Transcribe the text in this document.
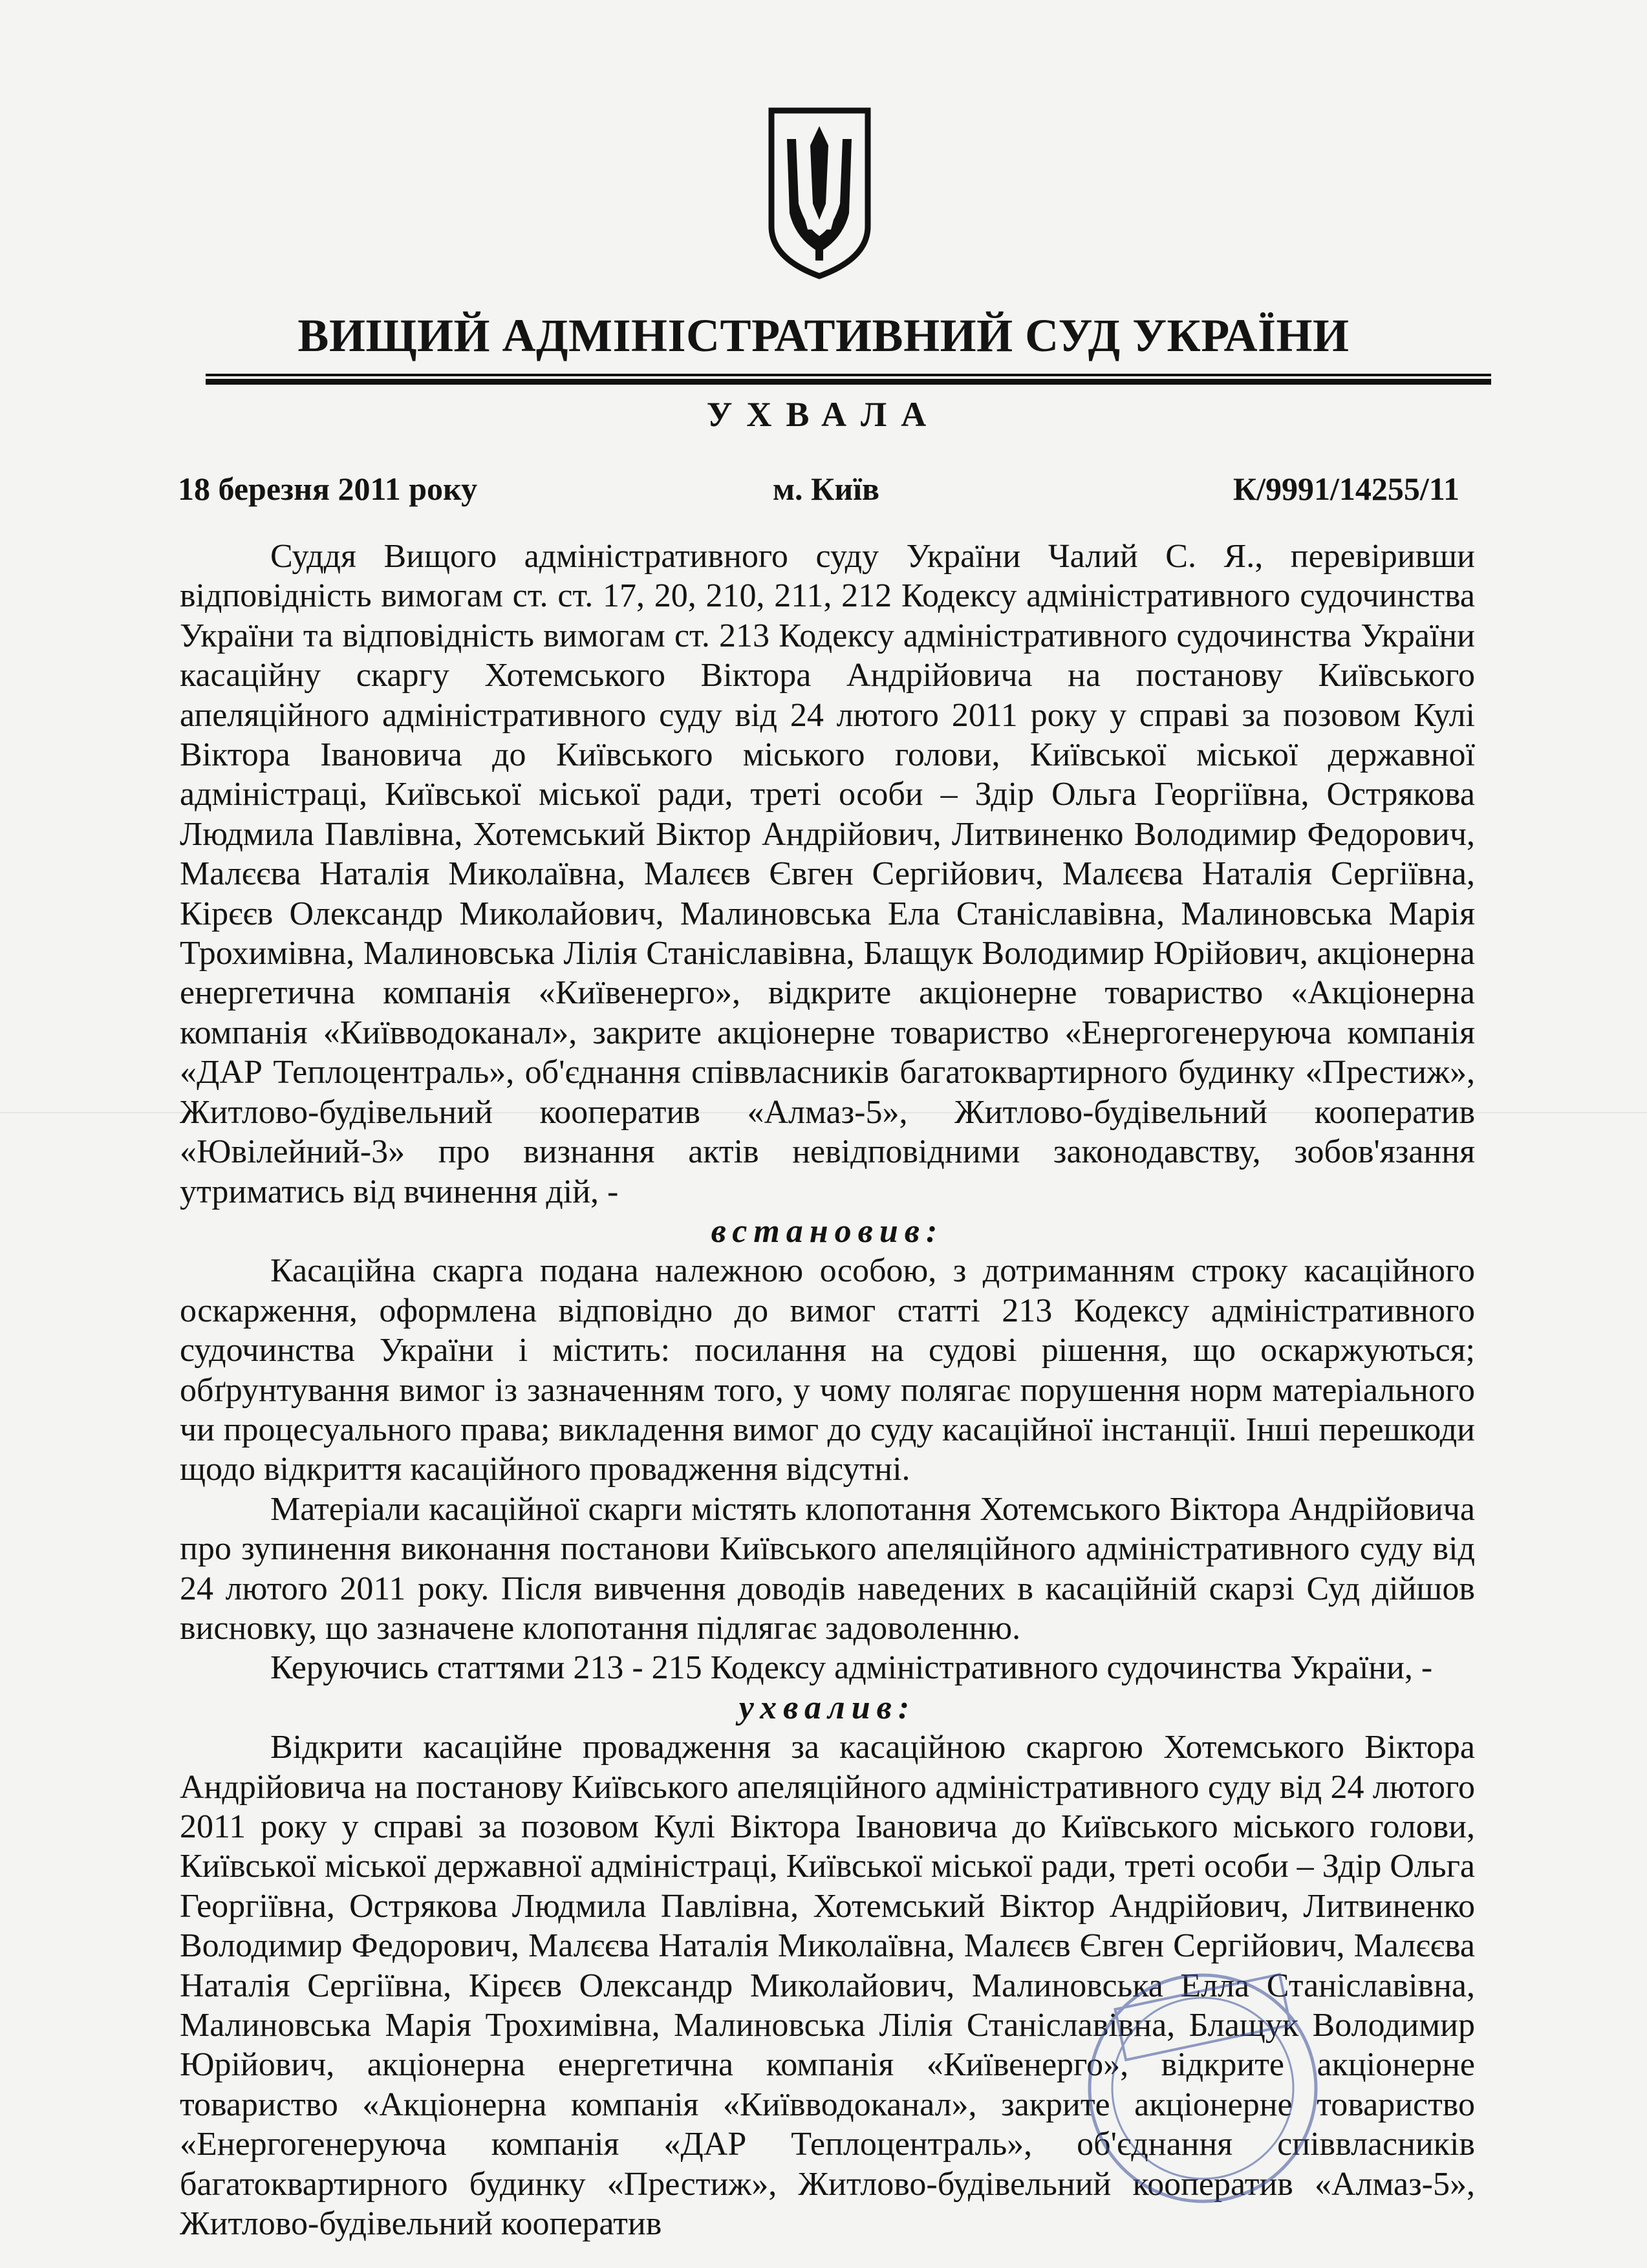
ВИЩИЙ АДМІНІСТРАТИВНИЙ СУД УКРАЇНИ
УХВАЛА
18 березня 2011 року	м. Київ	К/9991/14255/11

Суддя Вищого адміністративного суду України Чалий С. Я., перевіривши відповідність вимогам ст. ст. 17, 20, 210, 211, 212 Кодексу адміністративного судочинства України та відповідність вимогам ст. 213 Кодексу адміністративного судочинства України касаційну скаргу Хотемського Віктора Андрійовича на постанову Київського апеляційного адміністративного суду від 24 лютого 2011 року у справі за позовом Кулі Віктора Івановича до Київського міського голови, Київської міської державної адміністраці, Київської міської ради, треті особи – Здір Ольга Георгіївна, Острякова Людмила Павлівна, Хотемський Віктор Андрійович, Литвиненко Володимир Федорович, Малєєва Наталія Миколаївна, Малєєв Євген Сергійович, Малєєва Наталія Сергіївна, Кірєєв Олександр Миколайович, Малиновська Ела Станіславівна, Малиновська Марія Трохимівна, Малиновська Лілія Станіславівна, Блащук Володимир Юрійович, акціонерна енергетична компанія «Київенерго», відкрите акціонерне товариство «Акціонерна компанія «Київводоканал», закрите акціонерне товариство «Енергогенеруюча компанія «ДАР Теплоцентраль», об'єднання співвласників багатоквартирного будинку «Престиж», Житлово-будівельний кооператив «Алмаз-5», Житлово-будівельний кооператив «Ювілейний-3» про визнання актів невідповідними законодавству, зобов'язання утриматись від вчинення дій, -

встановив:

Касаційна скарга подана належною особою, з дотриманням строку касаційного оскарження, оформлена відповідно до вимог статті 213 Кодексу адміністративного судочинства України і містить: посилання на судові рішення, що оскаржуються; обґрунтування вимог із зазначенням того, у чому полягає порушення норм матеріального чи процесуального права; викладення вимог до суду касаційної інстанції. Інші перешкоди щодо відкриття касаційного провадження відсутні.

Матеріали касаційної скарги містять клопотання Хотемського Віктора Андрійовича про зупинення виконання постанови Київського апеляційного адміністративного суду від 24 лютого 2011 року. Після вивчення доводів наведених в касаційній скарзі Суд дійшов висновку, що зазначене клопотання підлягає задоволенню.

Керуючись статтями 213 - 215 Кодексу адміністративного судочинства України, -

ухвалив:

Відкрити касаційне провадження за касаційною скаргою Хотемського Віктора Андрійовича на постанову Київського апеляційного адміністративного суду від 24 лютого 2011 року у справі за позовом Кулі Віктора Івановича до Київського міського голови, Київської міської державної адміністраці, Київської міської ради, треті особи – Здір Ольга Георгіївна, Острякова Людмила Павлівна, Хотемський Віктор Андрійович, Литвиненко Володимир Федорович, Малєєва Наталія Миколаївна, Малєєв Євген Сергійович, Малєєва Наталія Сергіївна, Кірєєв Олександр Миколайович, Малиновська Елла Станіславівна, Малиновська Марія Трохимівна, Малиновська Лілія Станіславівна, Блащук Володимир Юрійович, акціонерна енергетична компанія «Київенерго», відкрите акціонерне товариство «Акціонерна компанія «Київводоканал», закрите акціонерне товариство «Енергогенеруюча компанія «ДАР Теплоцентраль», об'єднання співвласників багатоквартирного будинку «Престиж», Житлово-будівельний кооператив «Алмаз-5», Житлово-будівельний кооператив
